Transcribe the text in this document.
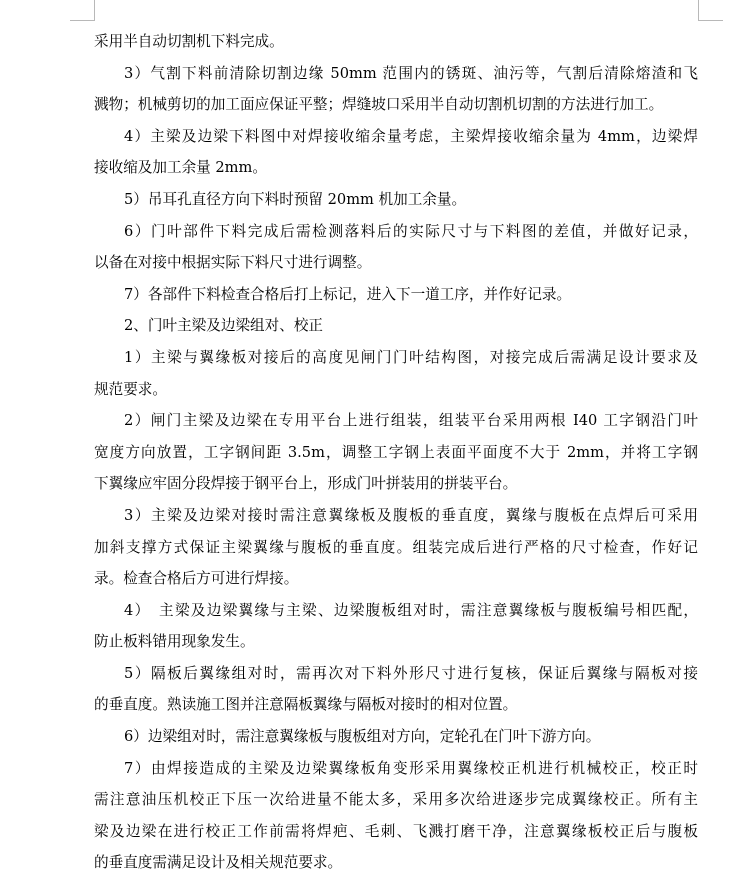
采用半自动切割机下料完成。
3）气割下料前清除切割边缘 50mm 范围内的锈斑、油污等，气割后清除熔渣和飞
溅物；机械剪切的加工面应保证平整；焊缝坡口采用半自动切割机切割的方法进行加工。
4）主梁及边梁下料图中对焊接收缩余量考虑，主梁焊接收缩余量为 4mm，边梁焊
接收缩及加工余量 2mm。
5）吊耳孔直径方向下料时预留 20mm 机加工余量。
6）门叶部件下料完成后需检测落料后的实际尺寸与下料图的差值，并做好记录，
以备在对接中根据实际下料尺寸进行调整。
7）各部件下料检查合格后打上标记，进入下一道工序，并作好记录。
2、门叶主梁及边梁组对、校正
1）主梁与翼缘板对接后的高度见闸门门叶结构图，对接完成后需满足设计要求及
规范要求。
2）闸门主梁及边梁在专用平台上进行组装，组装平台采用两根 I40 工字钢沿门叶
宽度方向放置，工字钢间距 3.5m，调整工字钢上表面平面度不大于 2mm，并将工字钢
下翼缘应牢固分段焊接于钢平台上，形成门叶拼装用的拼装平台。
3）主梁及边梁对接时需注意翼缘板及腹板的垂直度，翼缘与腹板在点焊后可采用
加斜支撑方式保证主梁翼缘与腹板的垂直度。组装完成后进行严格的尺寸检查，作好记
录。检查合格后方可进行焊接。
4）　主梁及边梁翼缘与主梁、边梁腹板组对时，需注意翼缘板与腹板编号相匹配，
防止板料错用现象发生。
5）隔板后翼缘组对时，需再次对下料外形尺寸进行复核，保证后翼缘与隔板对接
的垂直度。熟读施工图并注意隔板翼缘与隔板对接时的相对位置。
6）边梁组对时，需注意翼缘板与腹板组对方向，定轮孔在门叶下游方向。
7）由焊接造成的主梁及边梁翼缘板角变形采用翼缘校正机进行机械校正，校正时
需注意油压机校正下压一次给进量不能太多，采用多次给进逐步完成翼缘校正。所有主
梁及边梁在进行校正工作前需将焊疤、毛刺、飞溅打磨干净，注意翼缘板校正后与腹板
的垂直度需满足设计及相关规范要求。
